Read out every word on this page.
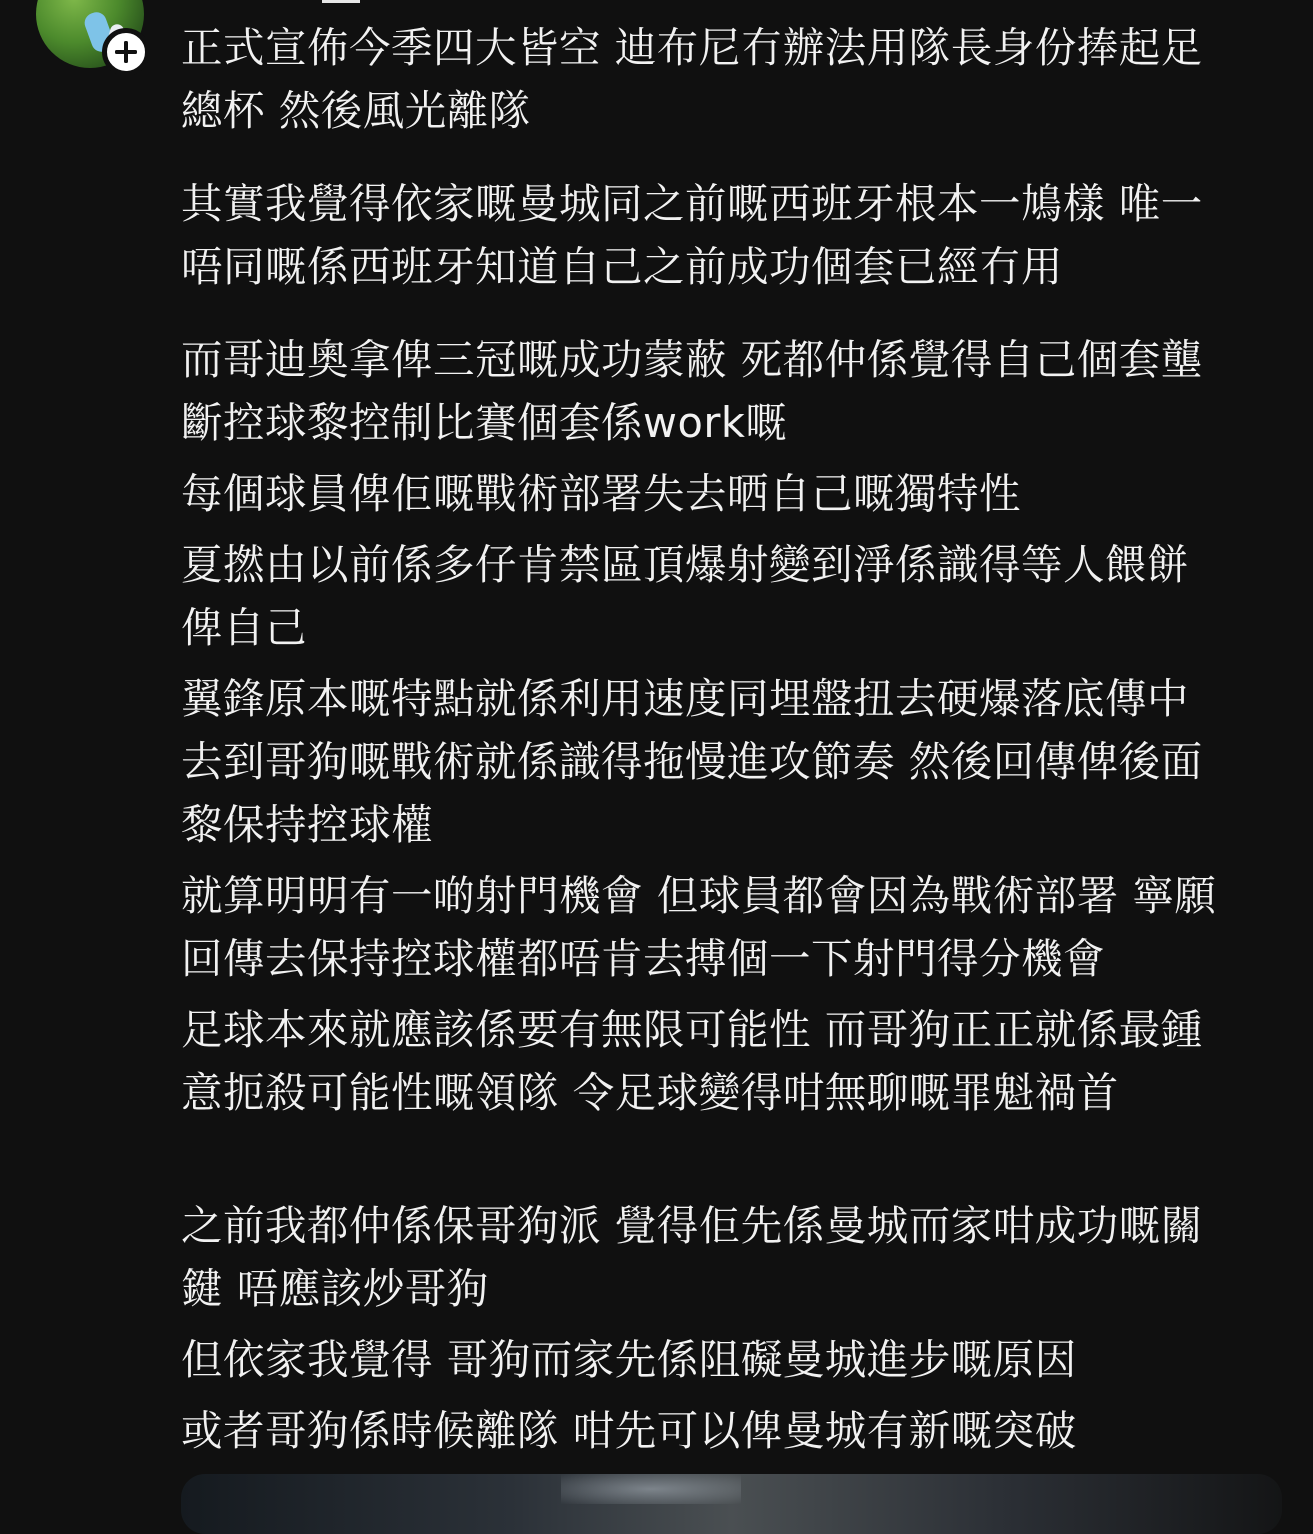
正式宣佈今季四大皆空 迪布尼冇辦法用隊長身份捧起足
總杯 然後風光離隊
其實我覺得依家嘅曼城同之前嘅西班牙根本一鳩樣 唯一
唔同嘅係西班牙知道自己之前成功個套已經冇用
而哥迪奧拿俾三冠嘅成功蒙蔽 死都仲係覺得自己個套壟
斷控球黎控制比賽個套係work嘅
每個球員俾佢嘅戰術部署失去晒自己嘅獨特性
夏撚由以前係多仔肯禁區頂爆射變到淨係識得等人餵餅
俾自己
翼鋒原本嘅特點就係利用速度同埋盤扭去硬爆落底傳中
去到哥狗嘅戰術就係識得拖慢進攻節奏 然後回傳俾後面
黎保持控球權
就算明明有一啲射門機會 但球員都會因為戰術部署 寧願
回傳去保持控球權都唔肯去搏個一下射門得分機會
足球本來就應該係要有無限可能性 而哥狗正正就係最鍾
意扼殺可能性嘅領隊 令足球變得咁無聊嘅罪魁禍首
之前我都仲係保哥狗派 覺得佢先係曼城而家咁成功嘅關
鍵 唔應該炒哥狗
但依家我覺得 哥狗而家先係阻礙曼城進步嘅原因
或者哥狗係時候離隊 咁先可以俾曼城有新嘅突破
